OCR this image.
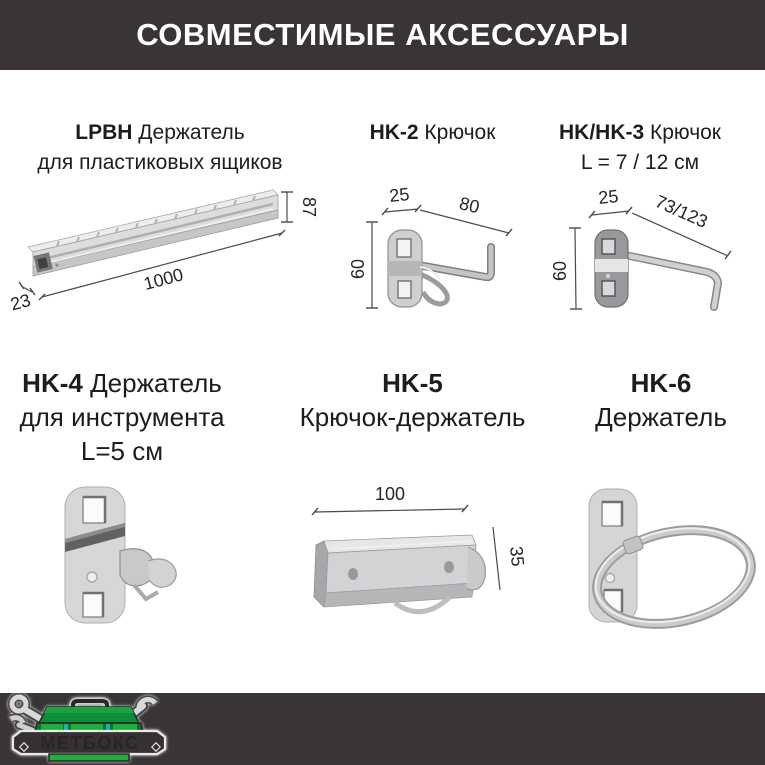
СОВМЕСТИМЫЕ АКСЕССУАРЫ
LPBH Держатель
для пластиковых ящиков
HK-2 Крючок	HK/HK-3 Крючок
L = 7 / 12 см
1000
87
23
25	80
60
25 73/123
60
HK-4 Держатель
для инструмента
L=5 см
HK-5
Крючок-держатель
HK-6
Держатель
100
35
МЕТБОКС
